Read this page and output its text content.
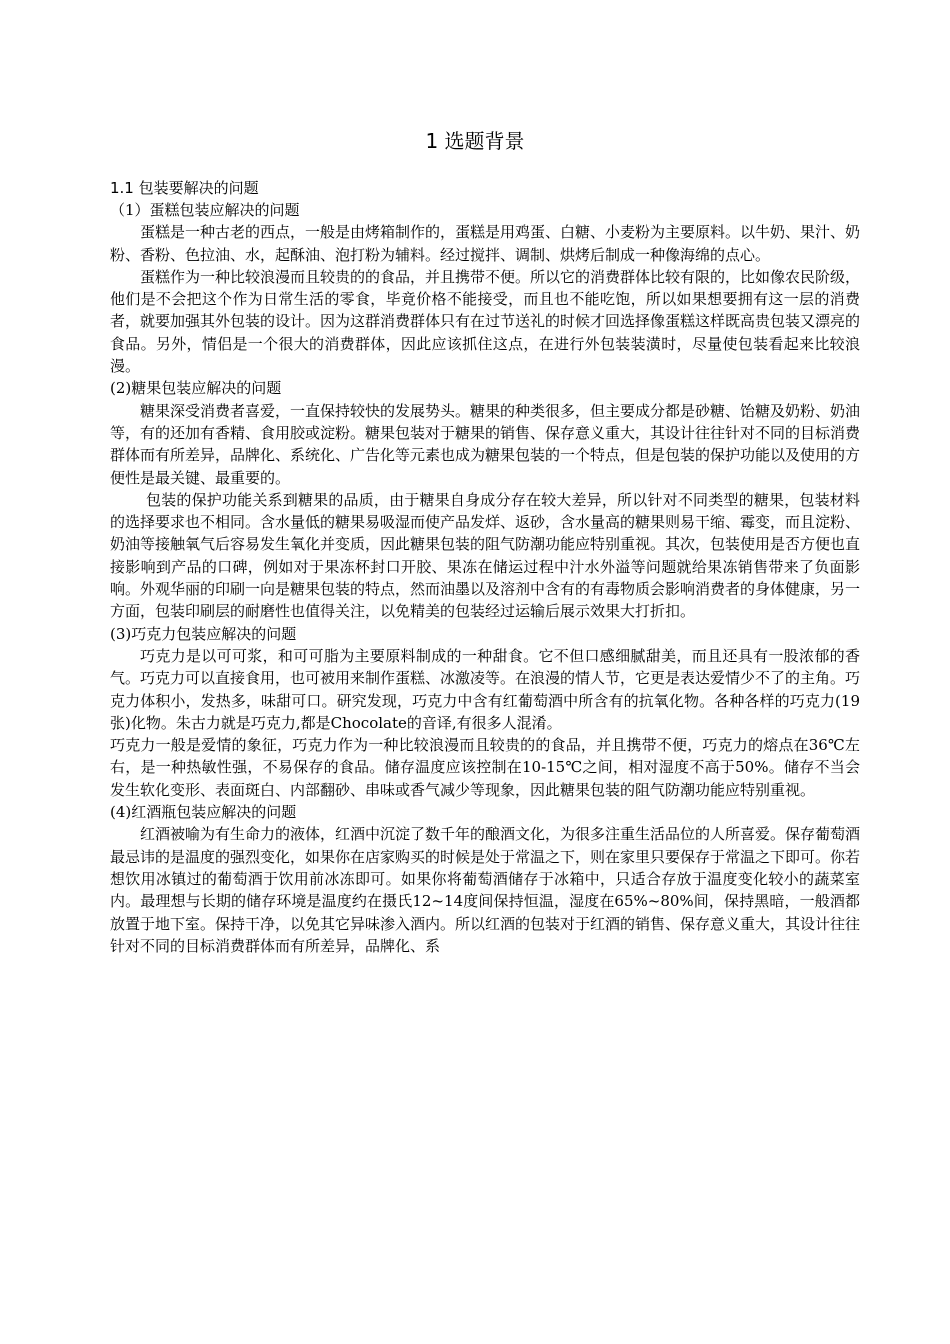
1 选题背景
1.1 包装要解决的问题
（1）蛋糕包装应解决的问题
蛋糕是一种古老的西点，一般是由烤箱制作的，蛋糕是用鸡蛋、白糖、小麦粉为主要原料。以牛奶、果汁、奶粉、香粉、色拉油、水，起酥油、泡打粉为辅料。经过搅拌、调制、烘烤后制成一种像海绵的点心。
蛋糕作为一种比较浪漫而且较贵的的食品，并且携带不便。所以它的消费群体比较有限的，比如像农民阶级，他们是不会把这个作为日常生活的零食，毕竟价格不能接受，而且也不能吃饱，所以如果想要拥有这一层的消费者，就要加强其外包装的设计。因为这群消费群体只有在过节送礼的时候才回选择像蛋糕这样既高贵包装又漂亮的食品。另外，情侣是一个很大的消费群体，因此应该抓住这点，在进行外包装装潢时，尽量使包装看起来比较浪漫。
(2)糖果包装应解决的问题
糖果深受消费者喜爱，一直保持较快的发展势头。糖果的种类很多，但主要成分都是砂糖、饴糖及奶粉、奶油等，有的还加有香精、食用胶或淀粉。糖果包装对于糖果的销售、保存意义重大，其设计往往针对不同的目标消费群体而有所差异，品牌化、系统化、广告化等元素也成为糖果包装的一个特点，但是包装的保护功能以及使用的方便性是最关键、最重要的。
包装的保护功能关系到糖果的品质，由于糖果自身成分存在较大差异，所以针对不同类型的糖果，包装材料的选择要求也不相同。含水量低的糖果易吸湿而使产品发烊、返砂，含水量高的糖果则易干缩、霉变，而且淀粉、奶油等接触氧气后容易发生氧化并变质，因此糖果包装的阻气防潮功能应特别重视。其次，包装使用是否方便也直接影响到产品的口碑，例如对于果冻杯封口开胶、果冻在储运过程中汁水外溢等问题就给果冻销售带来了负面影响。外观华丽的印刷一向是糖果包装的特点，然而油墨以及溶剂中含有的有毒物质会影响消费者的身体健康，另一方面，包装印刷层的耐磨性也值得关注，以免精美的包装经过运输后展示效果大打折扣。
(3)巧克力包装应解决的问题
巧克力是以可可浆，和可可脂为主要原料制成的一种甜食。它不但口感细腻甜美，而且还具有一股浓郁的香气。巧克力可以直接食用，也可被用来制作蛋糕、冰激凌等。在浪漫的情人节，它更是表达爱情少不了的主角。巧克力体积小，发热多，味甜可口。研究发现，巧克力中含有红葡萄酒中所含有的抗氧化物。各种各样的巧克力(19张)化物。朱古力就是巧克力,都是Chocolate的音译,有很多人混淆。
巧克力一般是爱情的象征，巧克力作为一种比较浪漫而且较贵的的食品，并且携带不便，巧克力的熔点在36℃左右，是一种热敏性强，不易保存的食品。储存温度应该控制在10-15℃之间，相对湿度不高于50%。储存不当会发生软化变形、表面斑白、内部翻砂、串味或香气减少等现象，因此糖果包装的阻气防潮功能应特别重视。
(4)红酒瓶包装应解决的问题
红酒被喻为有生命力的液体，红酒中沉淀了数千年的酿酒文化，为很多注重生活品位的人所喜爱。保存葡萄酒最忌讳的是温度的强烈变化，如果你在店家购买的时候是处于常温之下，则在家里只要保存于常温之下即可。你若想饮用冰镇过的葡萄酒于饮用前冰冻即可。如果你将葡萄酒储存于冰箱中，只适合存放于温度变化较小的蔬菜室内。最理想与长期的储存环境是温度约在摄氏12~14度间保持恒温，湿度在65%~80%间，保持黑暗，一般酒都放置于地下室。保持干净，以免其它异味渗入酒内。所以红酒的包装对于红酒的销售、保存意义重大，其设计往往针对不同的目标消费群体而有所差异，品牌化、系
